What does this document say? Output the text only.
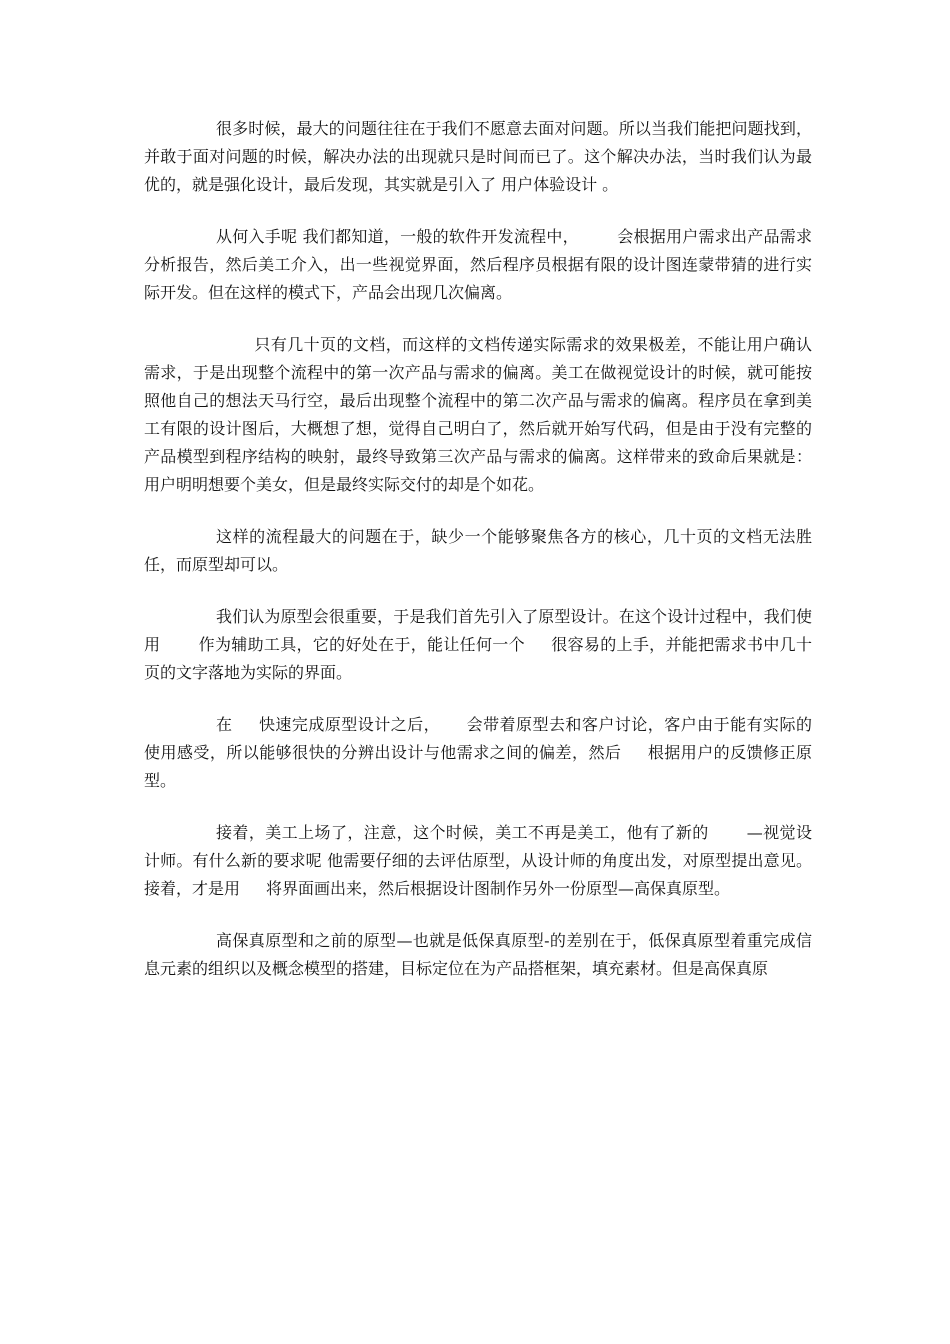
很多时候，最大的问题往往在于我们不愿意去面对问题。所以当我们能把问题找到，并敢于面对问题的时候，解决办法的出现就只是时间而已了。这个解决办法，当时我们认为最优的，就是强化设计，最后发现，其实就是引入了 用户体验设计 。

从何入手呢 我们都知道，一般的软件开发流程中， 会根据用户需求出产品需求分析报告，然后美工介入，出一些视觉界面，然后程序员根据有限的设计图连蒙带猜的进行实际开发。但在这样的模式下，产品会出现几次偏离。

只有几十页的文档，而这样的文档传递实际需求的效果极差，不能让用户确认需求，于是出现整个流程中的第一次产品与需求的偏离。美工在做视觉设计的时候，就可能按照他自己的想法天马行空，最后出现整个流程中的第二次产品与需求的偏离。程序员在拿到美工有限的设计图后，大概想了想，觉得自己明白了，然后就开始写代码，但是由于没有完整的产品模型到程序结构的映射，最终导致第三次产品与需求的偏离。这样带来的致命后果就是：用户明明想要个美女，但是最终实际交付的却是个如花。

这样的流程最大的问题在于，缺少一个能够聚焦各方的核心，几十页的文档无法胜任，而原型却可以。

我们认为原型会很重要，于是我们首先引入了原型设计。在这个设计过程中，我们使用 作为辅助工具，它的好处在于，能让任何一个 很容易的上手，并能把需求书中几十页的文字落地为实际的界面。

在 快速完成原型设计之后， 会带着原型去和客户讨论，客户由于能有实际的使用感受，所以能够很快的分辨出设计与他需求之间的偏差，然后 根据用户的反馈修正原型。

接着，美工上场了，注意，这个时候，美工不再是美工，他有了新的 —视觉设计师。有什么新的要求呢 他需要仔细的去评估原型，从设计师的角度出发，对原型提出意见。接着，才是用 将界面画出来，然后根据设计图制作另外一份原型—高保真原型。

高保真原型和之前的原型—也就是低保真原型-的差别在于，低保真原型着重完成信息元素的组织以及概念模型的搭建，目标定位在为产品搭框架，填充素材。但是高保真原
